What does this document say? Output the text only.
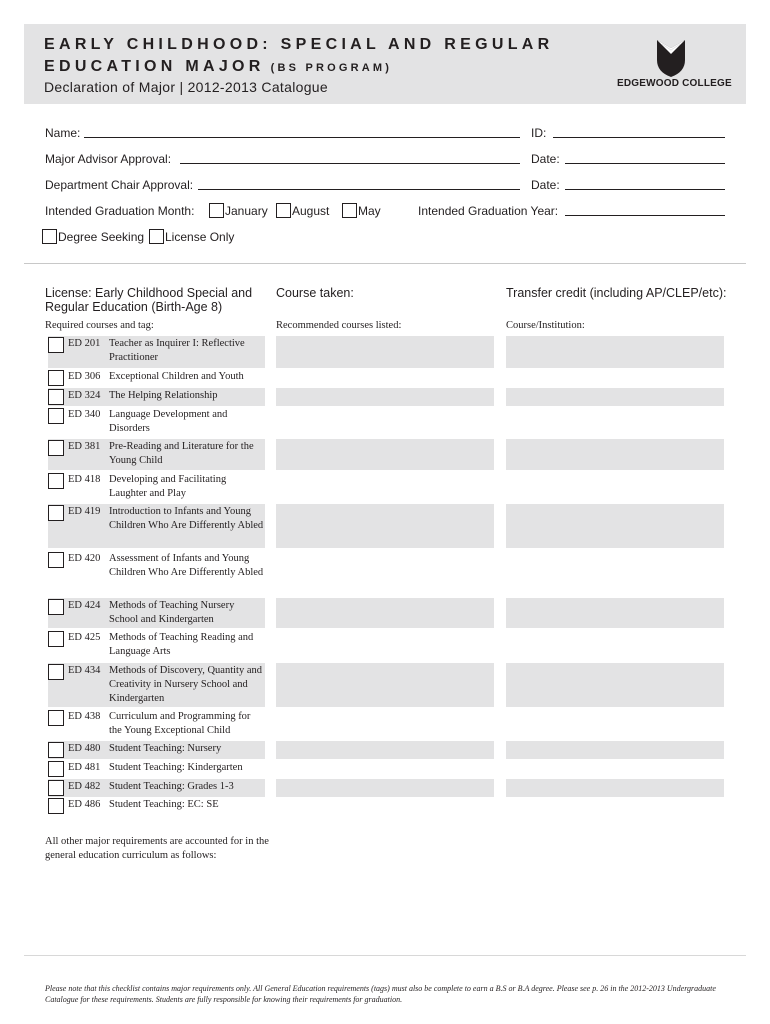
EARLY CHILDHOOD: SPECIAL AND REGULAR
EDUCATION MAJOR (BS PROGRAM)
Declaration of Major | 2012-2013 Catalogue	EDGEWOOD COLLEGE
Name:	ID:
Major Advisor Approval:	Date:
Department Chair Approval:	Date:
Intended Graduation Month:	January August May	Intended Graduation Year:
Degree Seeking License Only
License: Early Childhood Special and
Regular Education (Birth-Age 8)
Course taken:	Transfer credit (including AP/CLEP/etc):
Required courses and tag:	Recommended courses listed:	Course/Institution:
ED 201 Teacher as Inquirer I: Reflective Practitioner
ED 306 Exceptional Children and Youth
ED 324 The Helping Relationship
ED 340 Language Development and Disorders
ED 381 Pre-Reading and Literature for the Young Child
ED 418 Developing and Facilitating Laughter and Play
ED 419 Introduction to Infants and Young Children Who Are Differently Abled
ED 420 Assessment of Infants and Young Children Who Are Differently Abled
ED 424 Methods of Teaching Nursery School and Kindergarten
ED 425 Methods of Teaching Reading and Language Arts
ED 434 Methods of Discovery, Quantity and Creativity in Nursery School and Kindergarten
ED 438 Curriculum and Programming for the Young Exceptional Child
ED 480 Student Teaching: Nursery
ED 481 Student Teaching: Kindergarten
ED 482 Student Teaching: Grades 1-3
ED 486 Student Teaching: EC: SE
All other major requirements are accounted for in the general education curriculum as follows:
Please note that this checklist contains major requirements only. All General Education requirements (tags) must also be complete to earn a B.S or B.A degree. Please see p. 26 in the 2012-2013 Undergraduate Catalogue for these requirements. Students are fully responsible for knowing their requirements for graduation.
